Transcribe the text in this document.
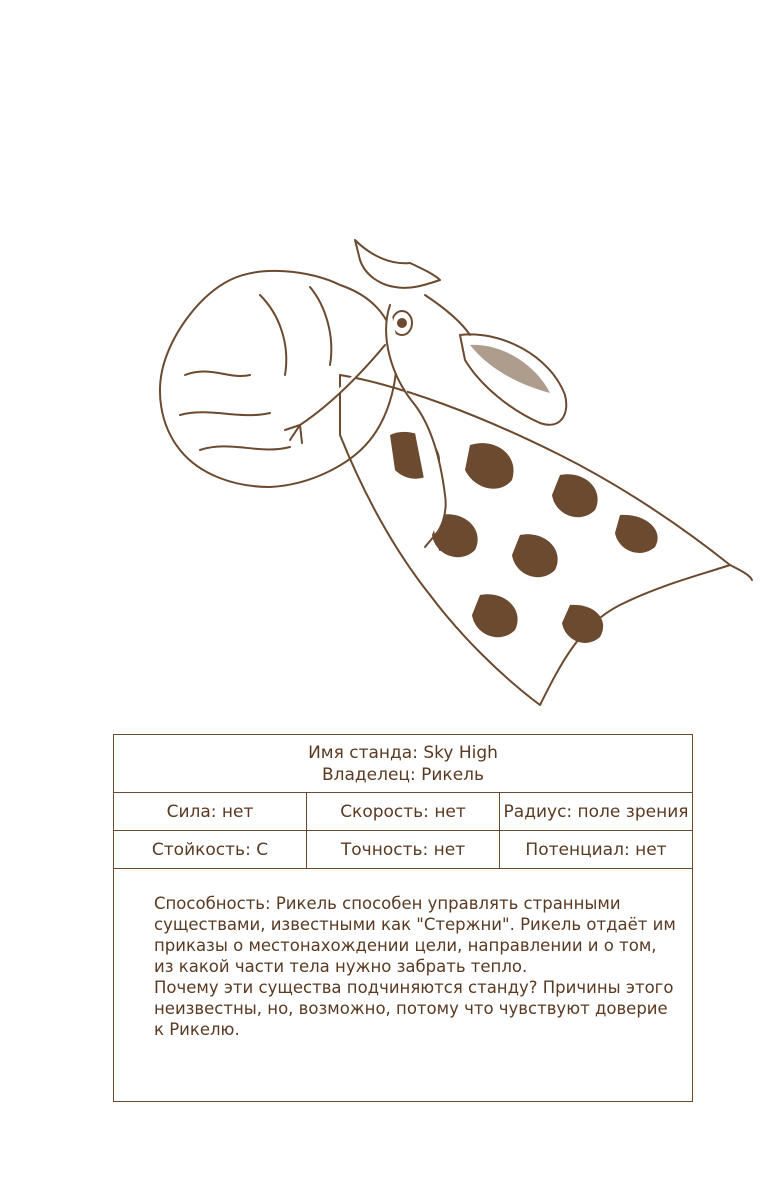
Имя станда: Sky High
Владелец: Рикель
Сила: нет	Скорость: нет	Радиус: поле зрения
Стойкость: С	Точность: нет	Потенциал: нет
Способность: Рикель способен управлять странными
существами, известными как "Стержни". Рикель отдаёт им
приказы о местонахождении цели, направлении и о том,
из какой части тела нужно забрать тепло.
Почему эти существа подчиняются станду? Причины этого
неизвестны, но, возможно, потому что чувствуют доверие
к Рикелю.
